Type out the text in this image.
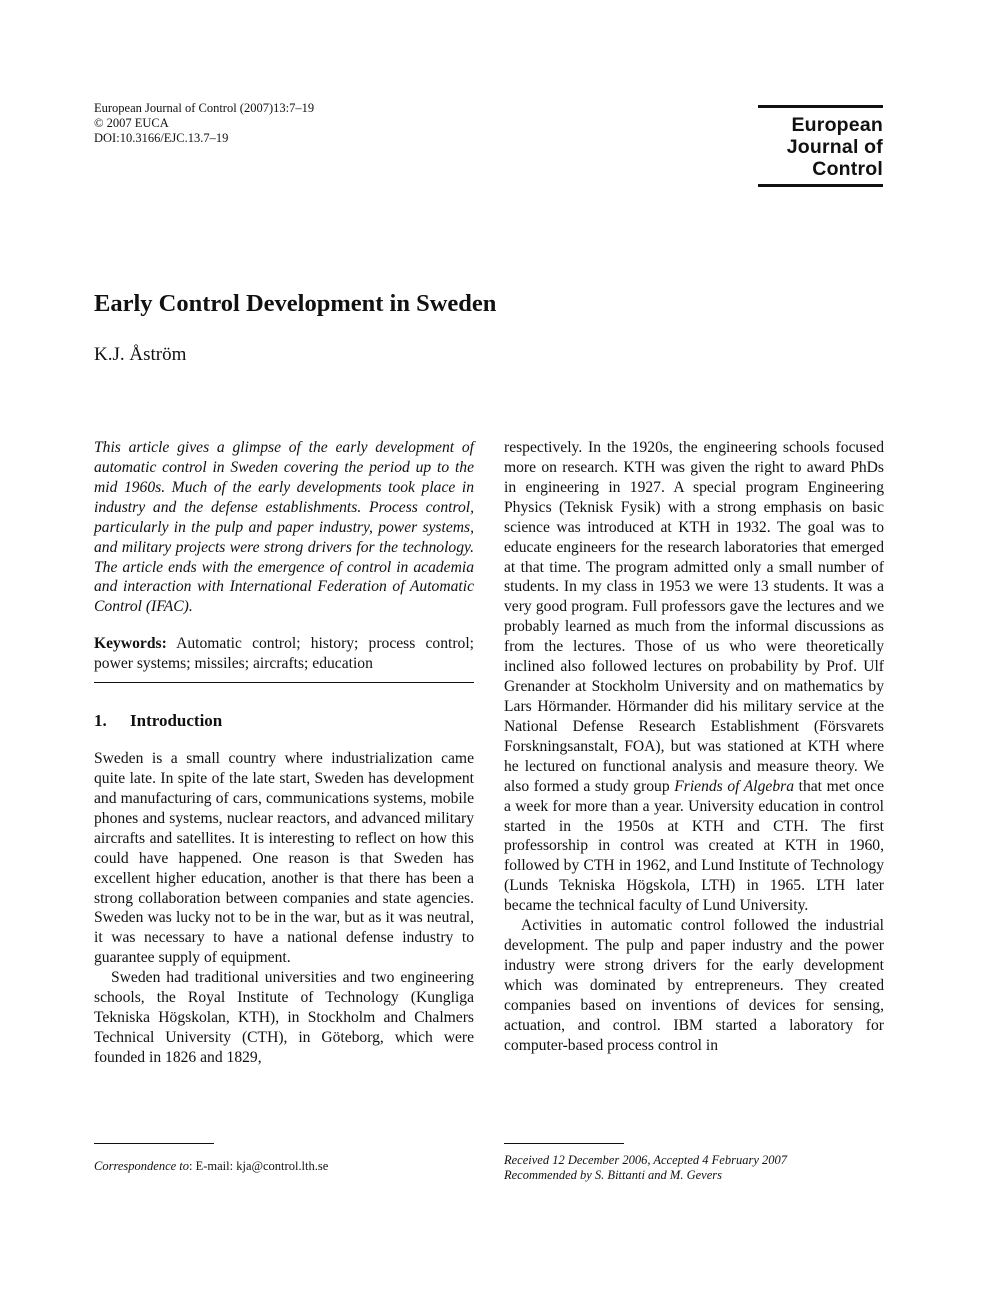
European Journal of Control (2007)13:7–19
© 2007 EUCA
DOI:10.3166/EJC.13.7–19
European
Journal of
Control
Early Control Development in Sweden
K.J. Åström

This article gives a glimpse of the early development of automatic control in Sweden covering the period up to the mid 1960s. Much of the early developments took place in industry and the defense establishments. Process control, particularly in the pulp and paper industry, power systems, and military projects were strong drivers for the technology. The article ends with the emergence of control in academia and interaction with International Federation of Automatic Control (IFAC).

Keywords: Automatic control; history; process control; power systems; missiles; aircrafts; education

1. Introduction

Sweden is a small country where industrialization came quite late. In spite of the late start, Sweden has development and manufacturing of cars, communications systems, mobile phones and systems, nuclear reactors, and advanced military aircrafts and satellites. It is interesting to reflect on how this could have happened. One reason is that Sweden has excellent higher education, another is that there has been a strong collaboration between companies and state agencies. Sweden was lucky not to be in the war, but as it was neutral, it was necessary to have a national defense industry to guarantee supply of equipment.

Sweden had traditional universities and two engineering schools, the Royal Institute of Technology (Kungliga Tekniska Högskolan, KTH), in Stockholm and Chalmers Technical University (CTH), in Göteborg, which were founded in 1826 and 1829,

respectively. In the 1920s, the engineering schools focused more on research. KTH was given the right to award PhDs in engineering in 1927. A special program Engineering Physics (Teknisk Fysik) with a strong emphasis on basic science was introduced at KTH in 1932. The goal was to educate engineers for the research laboratories that emerged at that time. The program admitted only a small number of students. In my class in 1953 we were 13 students. It was a very good program. Full professors gave the lectures and we probably learned as much from the informal discussions as from the lectures. Those of us who were theoretically inclined also followed lectures on probability by Prof. Ulf Grenander at Stockholm University and on mathematics by Lars Hörmander. Hörmander did his military service at the National Defense Research Establishment (Försvarets Forskningsanstalt, FOA), but was stationed at KTH where he lectured on functional analysis and measure theory. We also formed a study group Friends of Algebra that met once a week for more than a year. University education in control started in the 1950s at KTH and CTH. The first professorship in control was created at KTH in 1960, followed by CTH in 1962, and Lund Institute of Technology (Lunds Tekniska Högskola, LTH) in 1965. LTH later became the technical faculty of Lund University.

Activities in automatic control followed the industrial development. The pulp and paper industry and the power industry were strong drivers for the early development which was dominated by entrepreneurs. They created companies based on inventions of devices for sensing, actuation, and control. IBM started a laboratory for computer-based process control in

Correspondence to: E-mail: kja@control.lth.se	Received 12 December 2006, Accepted 4 February 2007
Recommended by S. Bittanti and M. Gevers
